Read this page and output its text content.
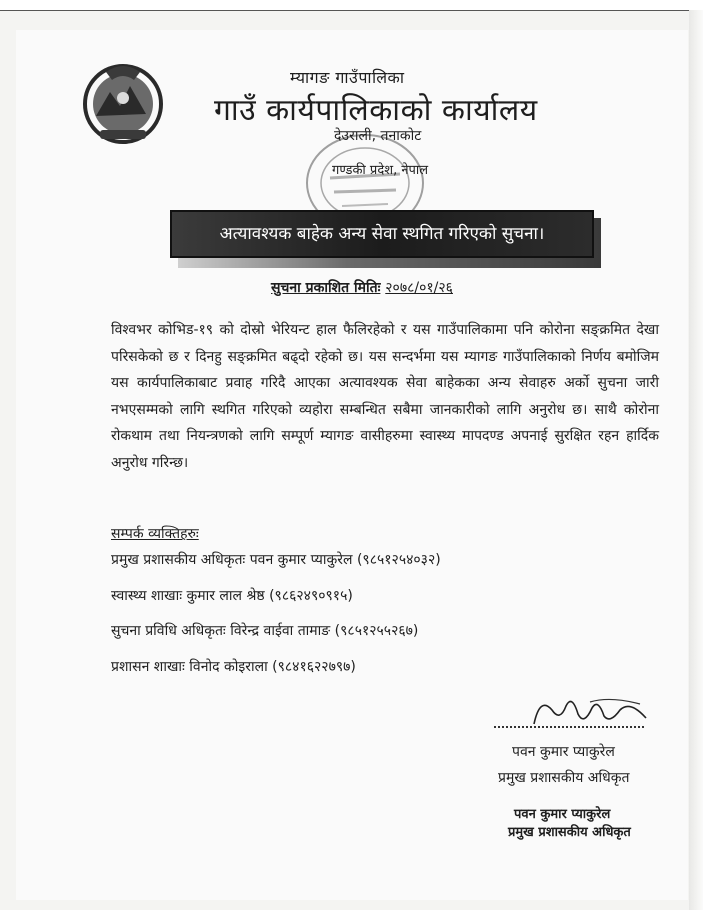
म्यागङ गाउँपालिका
गाउँ कार्यपालिकाको कार्यालय
देउराली, तनाकोट
गण्डकी प्रदेश, नेपाल
अत्यावश्यक बाहेक अन्य सेवा स्थगित गरिएको सुचना।
सुचना प्रकाशित मितिः २०७८/०१/२६
विश्वभर कोभिड-१९ को दोस्रो भेरियन्ट हाल फैलिरहेको र यस गाउँपालिकामा पनि कोरोना सङ्क्रमित देखा परिसकेको छ र दिनहु सङ्क्रमित बढ्दो रहेको छ। यस सन्दर्भमा यस म्यागङ गाउँपालिकाको निर्णय बमोजिम यस कार्यपालिकाबाट प्रवाह गरिदै आएका अत्यावश्यक सेवा बाहेकका अन्य सेवाहरु अर्को सुचना जारी नभएसम्मको लागि स्थगित गरिएको व्यहोरा सम्बन्धित सबैमा जानकारीको लागि अनुरोध छ। साथै कोरोना रोकथाम तथा नियन्त्रणको लागि सम्पूर्ण म्यागङ वासीहरुमा स्वास्थ्य मापदण्ड अपनाई सुरक्षित रहन हार्दिक अनुरोध गरिन्छ।
सम्पर्क व्यक्तिहरुः
प्रमुख प्रशासकीय अधिकृतः पवन कुमार प्याकुरेल (९८५१२५४०३२)
स्वास्थ्य शाखाः कुमार लाल श्रेष्ठ (९८६२४९०९१५)
सुचना प्रविधि अधिकृतः विरेन्द्र वाईवा तामाङ (९८५१२५५२६७)
प्रशासन शाखाः विनोद कोइराला (९८४१६२२७९७)
पवन कुमार प्याकुरेल
प्रमुख प्रशासकीय अधिकृत
पवन कुमार प्याकुरेल
प्रमुख प्रशासकीय अधिकृत
